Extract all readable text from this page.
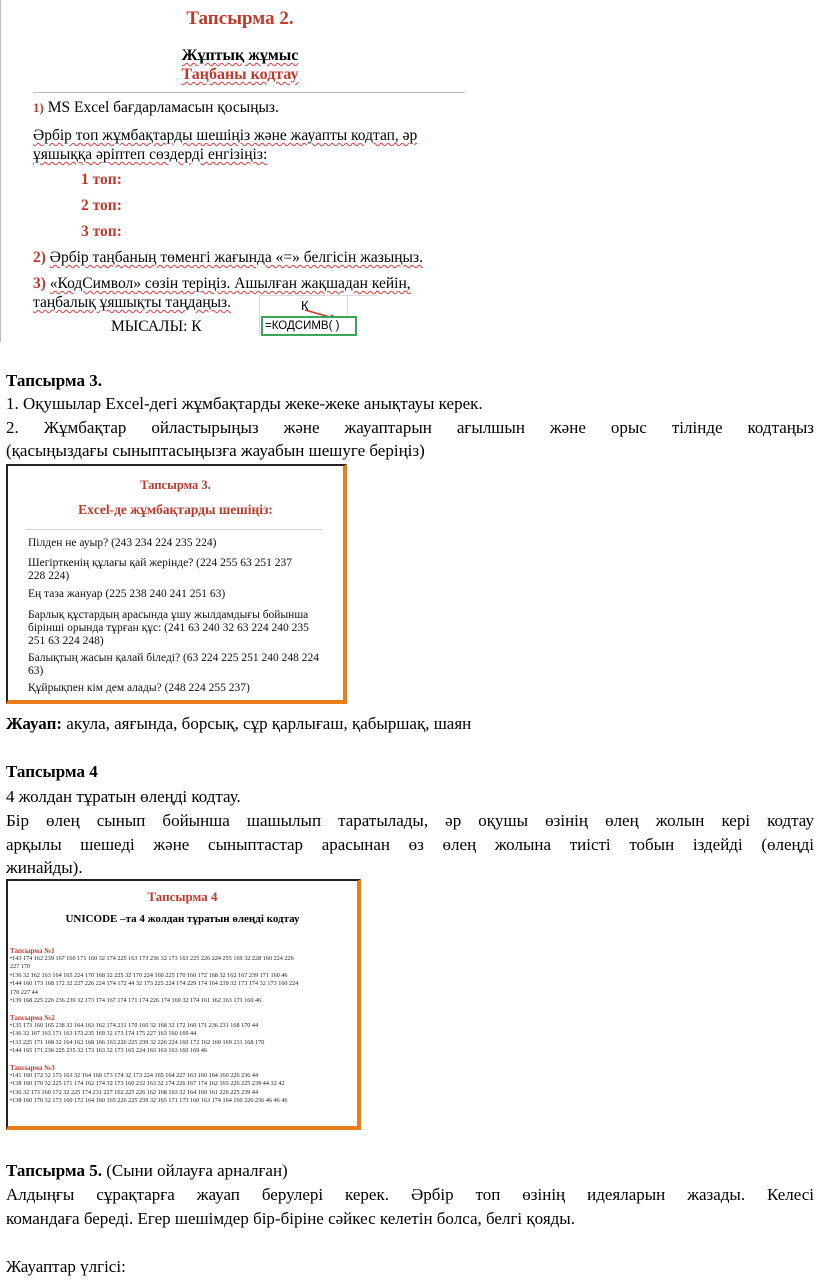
Тапсырма 2.
Жұптық жұмыс
Таңбаны кодтау
1) MS Excel бағдарламасын қосыңыз.
Әрбір топ жұмбақтарды шешіңіз және жауапты кодтап, әр
ұяшыққа әріптеп сөздерді енгізіңіз:
1 топ:
2 топ:
3 топ:
2) Әрбір таңбаның төменгі жағында «=» белгісін жазыңыз.
3) «КодСимвол» сөзін теріңіз. Ашылған жақшадан кейін,
таңбалық ұяшықты таңдаңыз.
МЫСАЛЫ: К
К
=КОДСИМВ( )
Тапсырма 3.
1. Оқушылар Excel-дегі жұмбақтарды жеке-жеке анықтауы керек.
2. Жұмбақтар ойластырыңыз және жауаптарын ағылшын және орыс тілінде кодтаңыз
(қасыңыздағы сыныптасыңызға жауабын шешуге беріңіз)
Тапсырма 3.
Excel-де жұмбақтарды шешіңіз:
Пілден не ауыр? (243 234 224 235 224)
Шегірткенің құлағы қай жерінде? (224 255 63 251 237
228 224)
Ең таза жануар (225 238 240 241 251 63)
Барлық құстардың арасында ұшу жылдамдығы бойынша
бірінші орында тұрған құс: (241 63 240 32 63 224 240 235
251 63 224 248)
Балықтың жасын қалай біледі? (63 224 225 251 240 248 224
63)
Құйрықпен кім дем алады? (248 224 255 237)
Жауап: акула, аяғында, борсық, сұр қарлығаш, қабыршақ, шаян
Тапсырма 4
4 жолдан тұратын өлеңді кодтау.
Бір өлең сынып бойынша шашылып таратылады, әр оқушы өзінің өлең жолын кері кодтау
арқылы шешеді және сыныптастар арасынан өз өлең жолына тиісті тобын іздейді (өлеңді
жинайды).
Тапсырма 4
UNICODE –та 4 жолдан тұратын өлеңді кодтау
Тапсырма №1
•143 174 162 239 167 160 171 160 32 174 225 163 173 236 32 173 163 225 226 224 255 169 32 228 160 224 226
227 170
•136 32 162 163 164 165 224 170 168 32 225 32 170 224 160 225 170 160 172 168 32 162 167 239 171 160 46
•144 160 173 168 172 32 227 226 224 174 172 44 32 173 225 224 174 229 174 164 239 32 173 174 32 173 160 224
170 227 44
•139 168 225 226 236 239 32 173 174 167 174 171 174 226 174 169 32 174 161 162 163 171 160 46
Тапсырма №2
•135 173 160 165 238 32 164 163 162 174 231 170 160 32 168 32 172 160 171 236 231 168 170 44
•136 32 167 163 171 163 173 235 169 32 173 174 175 227 163 160 169 44
•133 225 171 168 32 164 162 168 166 163 226 225 239 32 226 224 160 172 162 160 169 231 168 170
•144 165 171 236 225 235 32 173 163 32 173 165 224 163 163 163 160 169 46
Тапсырма №3
•141 160 172 32 173 163 32 164 160 173 174 32 173 224 165 164 227 163 160 164 160 226 236 44
•138 160 170 32 225 171 174 162 174 32 173 160 232 163 32 174 226 167 174 162 165 226 225 239 44 32 42
•136 32 173 160 172 32 225 174 231 227 162 225 226 162 168 163 32 164 160 161 226 225 239 44
•138 160 170 32 173 160 172 164 160 165 226 225 239 32 165 171 173 160 163 174 164 160 226 236 46 46 46
Тапсырма 5. (Сыни ойлауға арналған)
Алдыңғы сұрақтарға жауап берулері керек. Әрбір топ өзінің идеяларын жазады. Келесі
командаға береді. Егер шешімдер бір-біріне сәйкес келетін болса, белгі қояды.
Жауаптар үлгісі:
